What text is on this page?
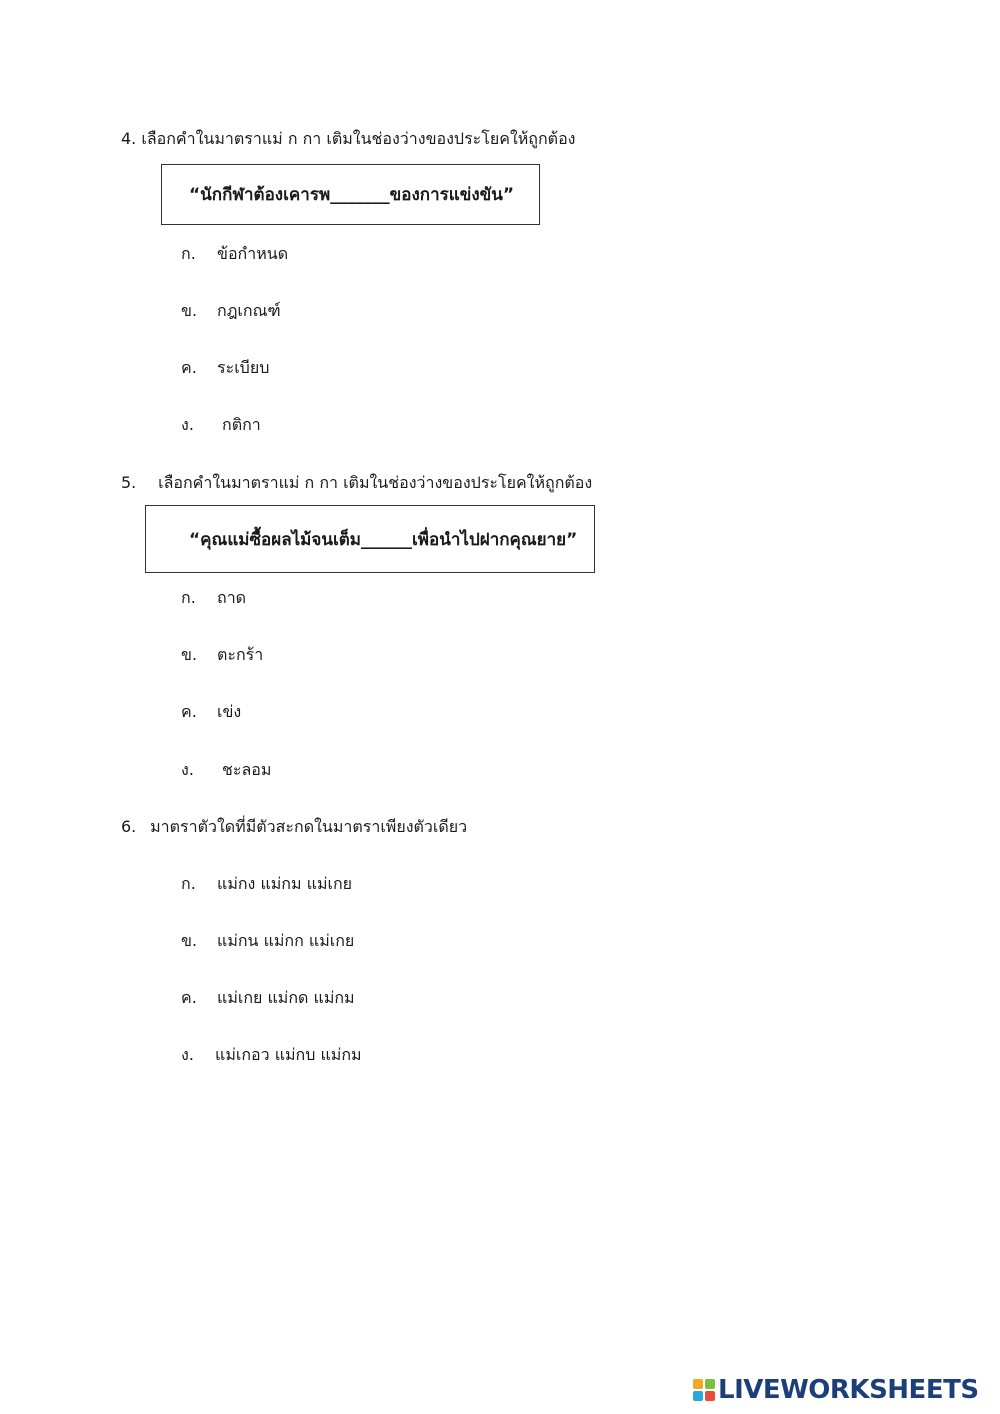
4. เลือกคำในมาตราแม่ ก กา เติมในช่องว่างของประโยคให้ถูกต้อง
“นักกีฬาต้องเคารพ_______ของการแข่งขัน”
ก. ข้อกำหนด
ข. กฎเกณฑ์
ค. ระเบียบ
ง. กติกา
5. เลือกคำในมาตราแม่ ก กา เติมในช่องว่างของประโยคให้ถูกต้อง
“คุณแม่ซื้อผลไม้จนเต็ม______เพื่อนำไปฝากคุณยาย”
ก. ถาด
ข. ตะกร้า
ค. เข่ง
ง. ชะลอม
6. มาตราตัวใดที่มีตัวสะกดในมาตราเพียงตัวเดียว
ก. แม่กง แม่กม แม่เกย
ข. แม่กน แม่กก แม่เกย
ค. แม่เกย แม่กด แม่กม
ง. แม่เกอว แม่กบ แม่กม
LIVEWORKSHEETS
